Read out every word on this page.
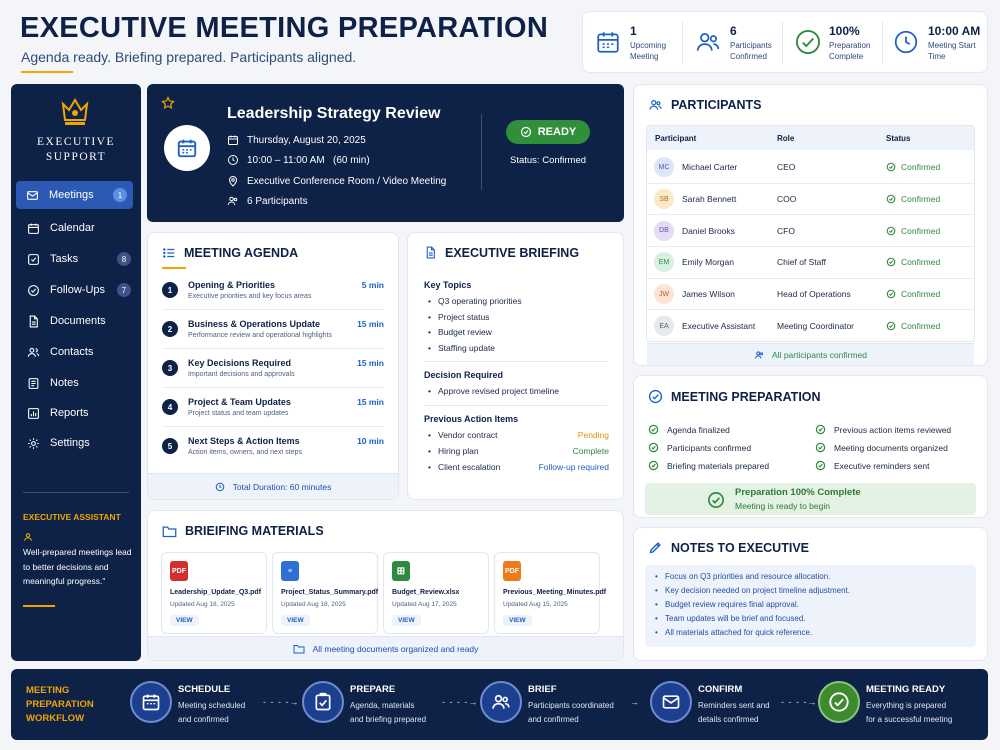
EXECUTIVE MEETING PREPARATION
Agenda ready. Briefing prepared. Participants aligned.
1
Upcoming
Meeting
6
Participants
Confirmed
100%
Preparation
Complete
10:00 AM
Meeting Start
Time
EXECUTIVE
SUPPORT
Meetings	1
Calendar
Tasks	8
Follow-Ups	7
Documents
Contacts
Notes
Reports
Settings
EXECUTIVE ASSISTANT
Well-prepared meetings lead to better decisions and meaningful progress."
Leadership Strategy Review
Thursday, August 20, 2025
10:00 – 11:00 AM   (60 min)
Executive Conference Room / Video Meeting
6 Participants
READY
Status: Confirmed
MEETING AGENDA
1	Opening & Priorities
Executive priorities and key focus areas
5 min
2	Business & Operations Update
Performance review and operational highlights
15 min
3	Key Decisions Required
Important decisions and approvals
15 min
4	Project & Team Updates
Project status and team updates
15 min
5	Next Steps & Action Items
Action items, owners, and next steps
10 min
Total Duration: 60 minutes
EXECUTIVE BRIEFING
Key Topics
• Q3 operating priorities
• Project status
• Budget review
• Staffing update
Decision Required
• Approve revised project timeline
Previous Action Items
• Vendor contract	Pending
• Hiring plan	Complete
• Client escalation	Follow-up required
BRIEIFING MATERIALS
All meeting documents organized and ready
PDF
Leadership_Update_Q3.pdf
Updated Aug 18, 2025
VIEW
≡
Project_Status_Summary.pdf
Updated Aug 18, 2025
VIEW
⊞
Budget_Review.xlsx
Updated Aug 17, 2025
VIEW
PDF
Previous_Meeting_Minutes.pdf
Updated Aug 15, 2025
VIEW
PARTICIPANTS
Participant	Role	Status
MC	Michael Carter	CEO	Confirmed
SB	Sarah Bennett	COO	Confirmed
DB	Daniel Brooks	CFO	Confirmed
EM	Emily Morgan	Chief of Staff	Confirmed
JW	James Wilson	Head of Operations	Confirmed
EA	Executive Assistant	Meeting Coordinator	Confirmed
All participants confirmed
MEETING PREPARATION
Agenda finalized
Participants confirmed
Briefing materials prepared
Previous action items reviewed
Meeting documents organized
Executive reminders sent
Preparation 100% Complete
Meeting is ready to begin
NOTES TO EXECUTIVE
• Focus on Q3 priorities and resource allocation.
• Key decision needed on project timeline adjustment.
• Budget review requires final approval.
• Team updates will be brief and focused.
• All materials attached for quick reference.
MEETING
PREPARATION
WORKFLOW
SCHEDULE
Meeting scheduled
and confirmed
- - - -→
PREPARE
Agenda, materials
and briefing prepared
- - - -→
BRIEF
Participants coordinated
and confirmed
→
CONFIRM
Reminders sent and
details confirmed
- - - -→
MEETING READY
Everything is prepared
for a successful meeting
